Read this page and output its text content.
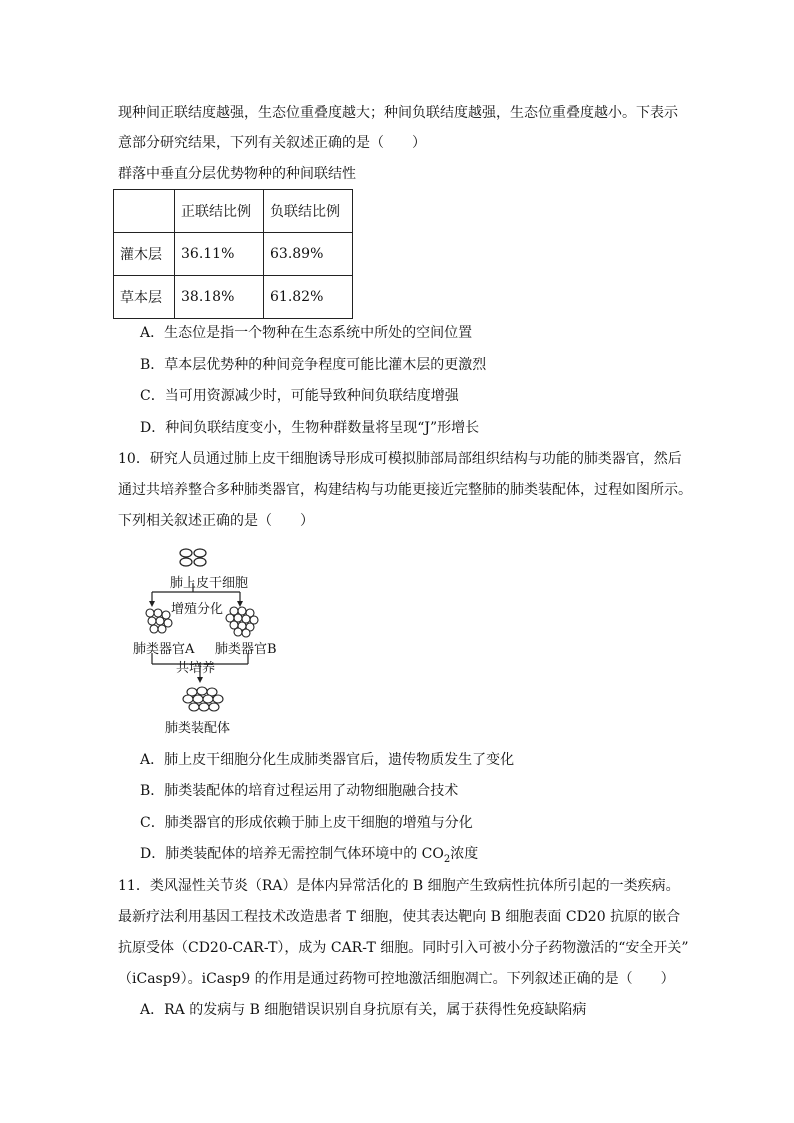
现种间正联结度越强，生态位重叠度越大；种间负联结度越强，生态位重叠度越小。下表示
意部分研究结果，下列有关叙述正确的是（　　）
群落中垂直分层优势物种的种间联结性
	正联结比例	负联结比例
灌木层	36.11%	63.89%
草本层	38.18%	61.82%
A．生态位是指一个物种在生态系统中所处的空间位置
B．草本层优势种的种间竞争程度可能比灌木层的更激烈
C．当可用资源减少时，可能导致种间负联结度增强
D．种间负联结度变小，生物种群数量将呈现“J”形增长
10．研究人员通过肺上皮干细胞诱导形成可模拟肺部局部组织结构与功能的肺类器官，然后
通过共培养整合多种肺类器官，构建结构与功能更接近完整肺的肺类装配体，过程如图所示。
下列相关叙述正确的是（　　）
肺上皮干细胞
增殖分化
肺类器官A 肺类器官B
共培养
肺类装配体
A．肺上皮干细胞分化生成肺类器官后，遗传物质发生了变化
B．肺类装配体的培育过程运用了动物细胞融合技术
C．肺类器官的形成依赖于肺上皮干细胞的增殖与分化
D．肺类装配体的培养无需控制气体环境中的 $CO_2$浓度
11．类风湿性关节炎（RA）是体内异常活化的 B 细胞产生致病性抗体所引起的一类疾病。
最新疗法利用基因工程技术改造患者 T 细胞，使其表达靶向 B 细胞表面 CD20 抗原的嵌合
抗原受体（CD20-CAR-T），成为 CAR-T 细胞。同时引入可被小分子药物激活的“安全开关”
（iCasp9）。iCasp9 的作用是通过药物可控地激活细胞凋亡。下列叙述正确的是（　　）
A．RA 的发病与 B 细胞错误识别自身抗原有关，属于获得性免疫缺陷病
